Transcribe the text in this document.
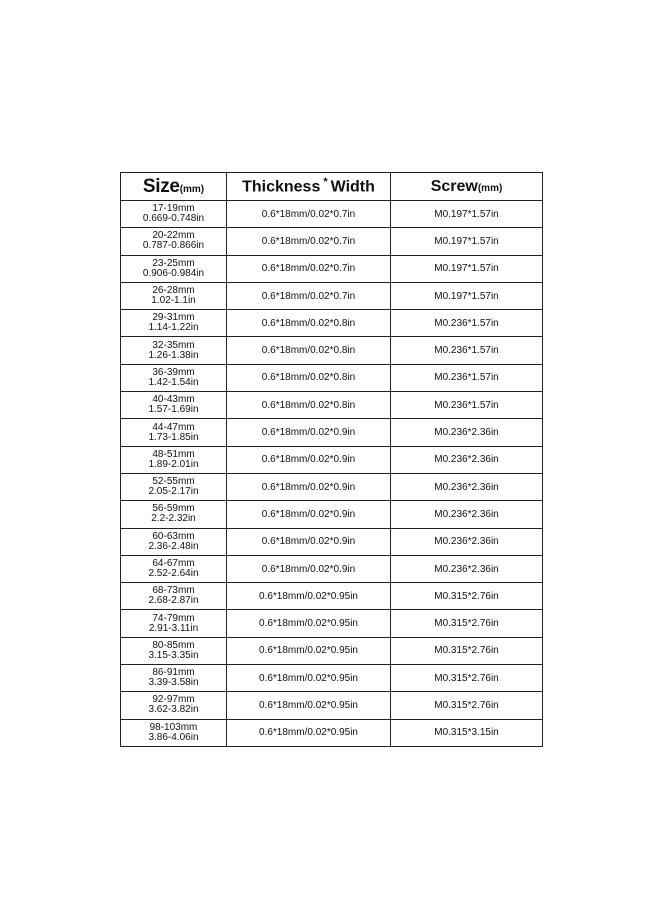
Size(mm)	Thickness * Width	Screw(mm)

17-19mm
0.669-0.748in	0.6*18mm/0.02*0.7in	M0.197*1.57in

20-22mm
0.787-0.866in	0.6*18mm/0.02*0.7in	M0.197*1.57in

23-25mm
0.906-0.984in	0.6*18mm/0.02*0.7in	M0.197*1.57in

26-28mm
1.02-1.1in	0.6*18mm/0.02*0.7in	M0.197*1.57in

29-31mm
1.14-1.22in	0.6*18mm/0.02*0.8in	M0.236*1.57in

32-35mm
1.26-1.38in	0.6*18mm/0.02*0.8in	M0.236*1.57in

36-39mm
1.42-1.54in	0.6*18mm/0.02*0.8in	M0.236*1.57in

40-43mm
1.57-1.69in	0.6*18mm/0.02*0.8in	M0.236*1.57in

44-47mm
1.73-1.85in	0.6*18mm/0.02*0.9in	M0.236*2.36in

48-51mm
1.89-2.01in	0.6*18mm/0.02*0.9in	M0.236*2.36in

52-55mm
2.05-2.17in	0.6*18mm/0.02*0.9in	M0.236*2.36in

56-59mm
2.2-2.32in	0.6*18mm/0.02*0.9in	M0.236*2.36in

60-63mm
2.36-2.48in	0.6*18mm/0.02*0.9in	M0.236*2.36in

64-67mm
2.52-2.64in	0.6*18mm/0.02*0.9in	M0.236*2.36in

68-73mm
2.68-2.87in	0.6*18mm/0.02*0.95in	M0.315*2.76in

74-79mm
2.91-3.11in	0.6*18mm/0.02*0.95in	M0.315*2.76in

80-85mm
3.15-3.35in	0.6*18mm/0.02*0.95in	M0.315*2.76in

86-91mm
3.39-3.58in	0.6*18mm/0.02*0.95in	M0.315*2.76in

92-97mm
3.62-3.82in	0.6*18mm/0.02*0.95in	M0.315*2.76in

98-103mm
3.86-4.06in	0.6*18mm/0.02*0.95in	M0.315*3.15in
